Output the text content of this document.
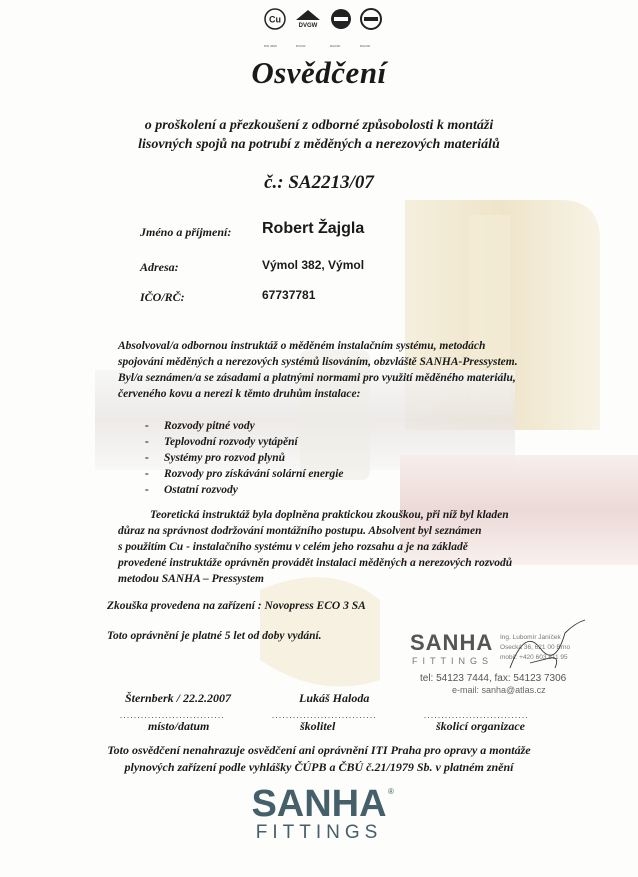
Cu
DVGW
DIN 4690	DVGW	RAGSK	RAGSK
Osvědčení
o proškolení a přezkoušení z odborné způsobolosti k montáži
lisovných spojů na potrubí z měděných a nerezových materiálů
č.: SA2213/07
Jméno a příjmení: Robert Žajgla
Adresa:	Výmol 382, Výmol
IČO/RČ:	67737781
Absolvoval/a odbornou instruktáž o měděném instalačním systému, metodách
spojování měděných a nerezových systémů lisováním, obzvláště SANHA-Pressystem.
Byl/a seznámen/a se zásadami a platnými normami pro využití měděného materiálu,
červeného kovu a nerezi k těmto druhům instalace:
- Rozvody pitné vody
- Teplovodní rozvody vytápění
- Systémy pro rozvod plynů
- Rozvody pro získávání solární energie
- Ostatní rozvody
Teoretická instruktáž byla doplněna praktickou zkouškou, při níž byl kladen
důraz na správnost dodržování montážního postupu. Absolvent byl seznámen
s použitím Cu - instalačního systému v celém jeho rozsahu a je na základě
provedené instruktáže oprávněn provádět instalaci měděných a nerezových rozvodů
metodou SANHA – Pressystem
Zkouška provedena na zařízení : Novopress ECO 3 SA
Toto oprávnění je platné 5 let od doby vydání.	SANHA
FITTINGS
Ing. Lubomír Janíček
Osecká 36, 621 00 Brno
mobil: +420 603 811 95
tel: 54123 7444, fax: 54123 7306
e-mail: sanha@atlas.cz
Šternberk / 22.2.2007	Lukáš Haloda
..............................	..............................	..............................
místo/datum	školitel	školicí organizace
Toto osvědčení nenahrazuje osvědčení ani oprávnění ITI Praha pro opravy a montáže
plynových zařízení podle vyhlášky ČÚPB a ČBÚ č.21/1979 Sb. v platném znění
SANHA ®
FITTINGS
